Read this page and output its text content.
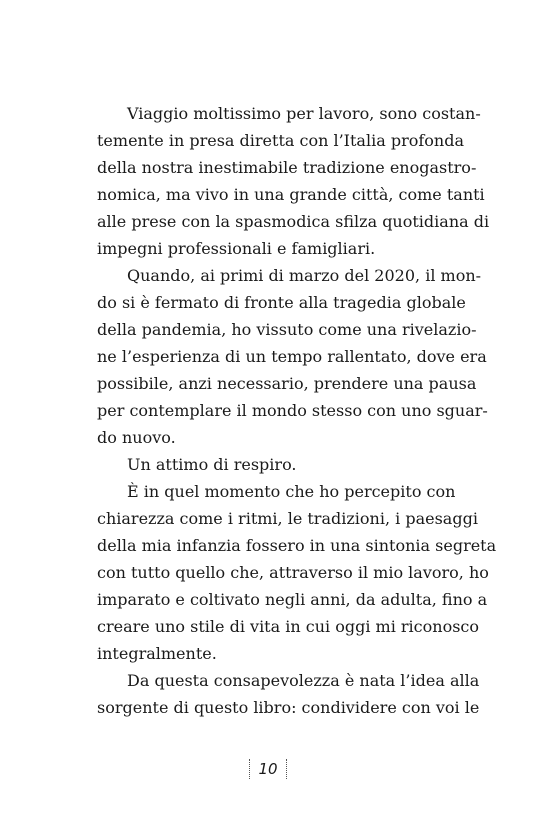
Viaggio moltissimo per lavoro, sono costan-
temente in presa diretta con l’Italia profonda
della nostra inestimabile tradizione enogastro-
nomica, ma vivo in una grande città, come tanti
alle prese con la spasmodica sfilza quotidiana di
impegni professionali e famigliari.
Quando, ai primi di marzo del 2020, il mon-
do si è fermato di fronte alla tragedia globale
della pandemia, ho vissuto come una rivelazio-
ne l’esperienza di un tempo rallentato, dove era
possibile, anzi necessario, prendere una pausa
per contemplare il mondo stesso con uno sguar-
do nuovo.
Un attimo di respiro.
È in quel momento che ho percepito con
chiarezza come i ritmi, le tradizioni, i paesaggi
della mia infanzia fossero in una sintonia segreta
con tutto quello che, attraverso il mio lavoro, ho
imparato e coltivato negli anni, da adulta, fino a
creare uno stile di vita in cui oggi mi riconosco
integralmente.
Da questa consapevolezza è nata l’idea alla
sorgente di questo libro: condividere con voi le
10
